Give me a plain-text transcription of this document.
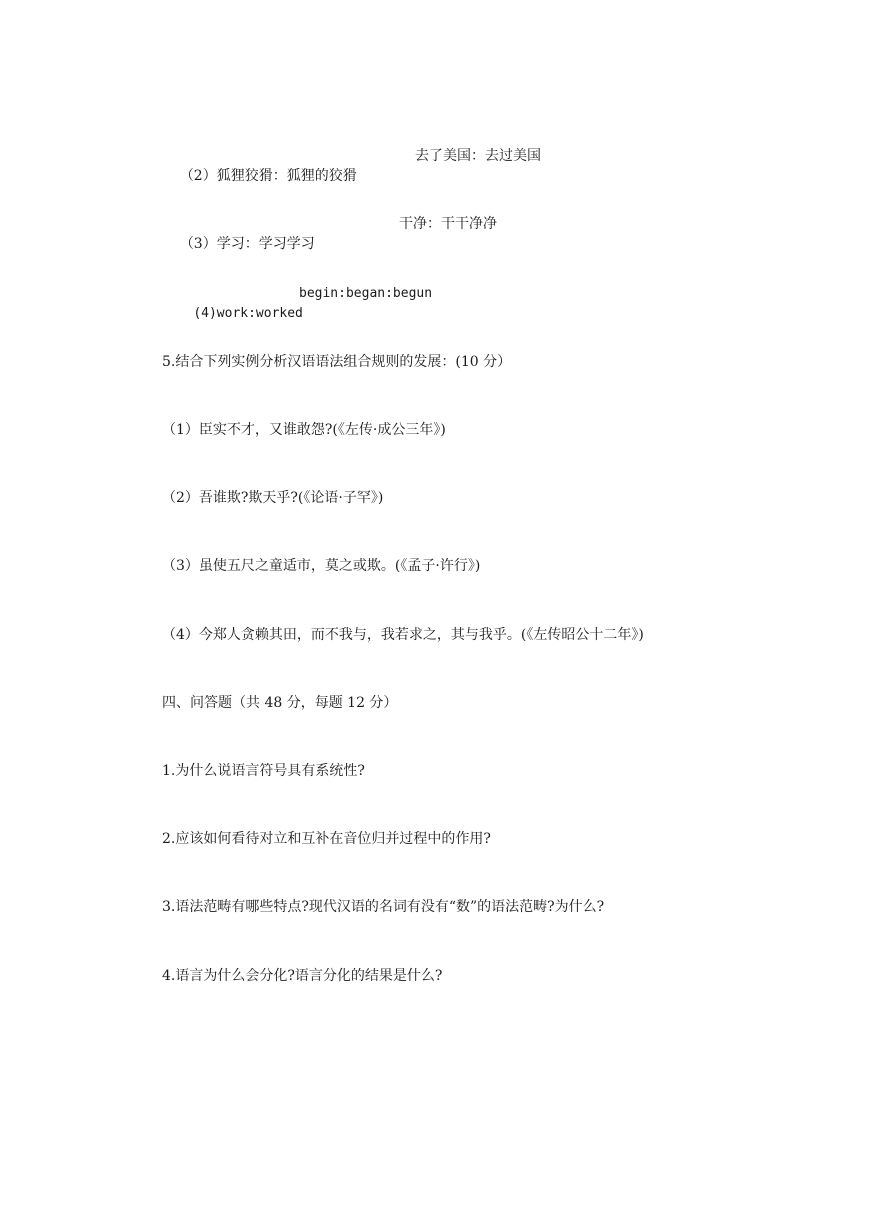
（2）狐狸狡猾：狐狸的狡猾

去了美国：去过美国

（3）学习：学习学习

干净：干干净净

(4)work:worked

begin:began:begun

5.结合下列实例分析汉语语法组合规则的发展：(10 分）
（1）臣实不才，又谁敢怨?(《左传·成公三年》)
（2）吾谁欺?欺天乎?(《论语·子罕》)
（3）虽使五尺之童适市，莫之或欺。(《孟子·许行》)
（4）今郑人贪赖其田，而不我与，我若求之，其与我乎。(《左传昭公十二年》)
四、问答题（共 48 分，每题 12 分）
1.为什么说语言符号具有系统性?
2.应该如何看待对立和互补在音位归并过程中的作用?
3.语法范畴有哪些特点?现代汉语的名词有没有“数”的语法范畴?为什么?
4.语言为什么会分化?语言分化的结果是什么?
